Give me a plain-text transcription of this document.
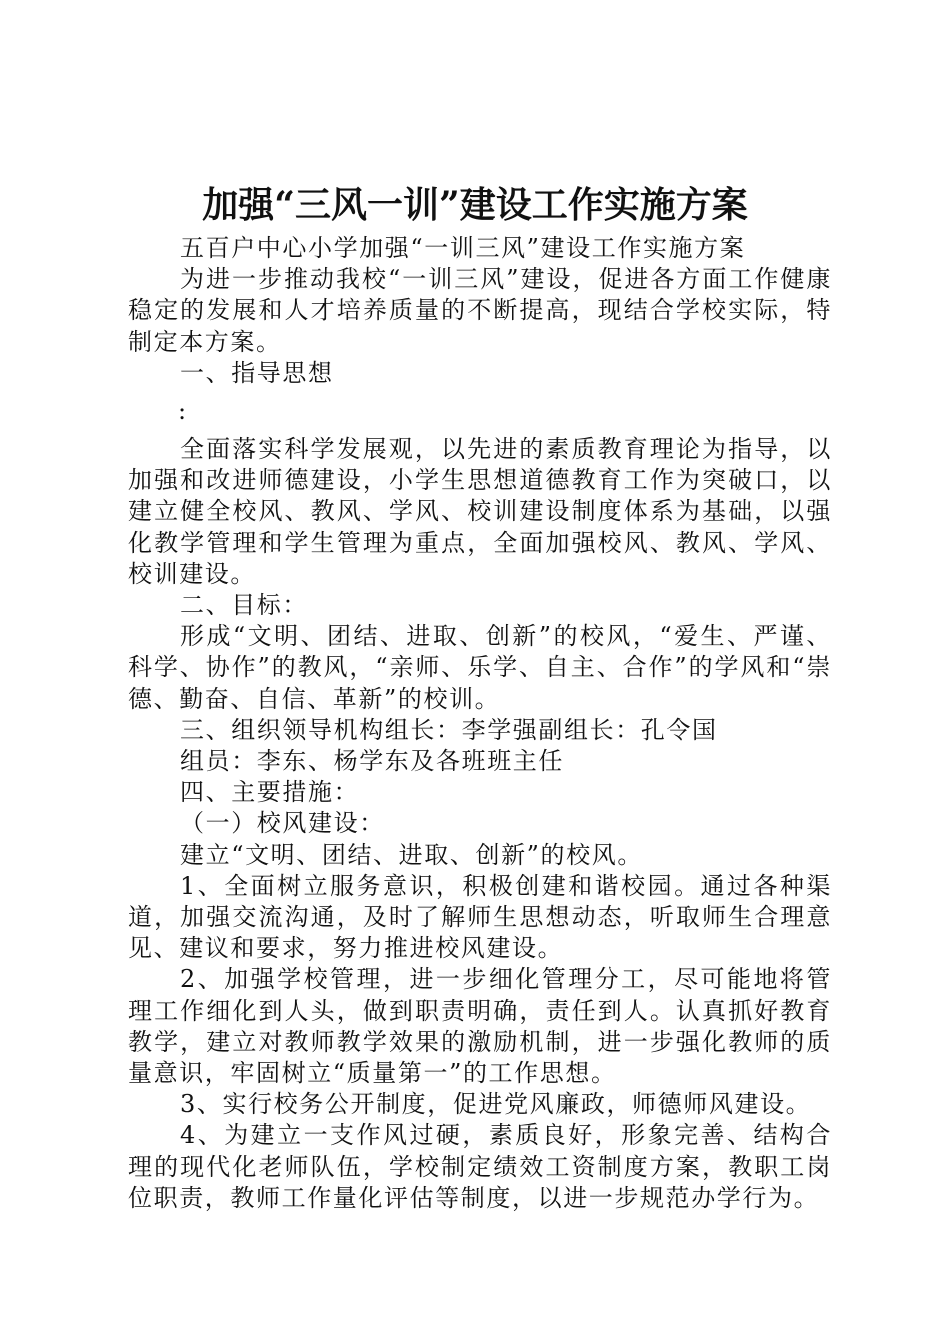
加强“三风一训”建设工作实施方案

五百户中心小学加强“一训三风”建设工作实施方案

为进一步推动我校“一训三风”建设，促进各方面工作健康稳定的发展和人才培养质量的不断提高，现结合学校实际，特制定本方案。

一、指导思想

:

全面落实科学发展观，以先进的素质教育理论为指导，以加强和改进师德建设，小学生思想道德教育工作为突破口，以建立健全校风、教风、学风、校训建设制度体系为基础，以强化教学管理和学生管理为重点，全面加强校风、教风、学风、校训建设。

二、目标：

形成“文明、团结、进取、创新”的校风，“爱生、严谨、科学、协作”的教风，“亲师、乐学、自主、合作”的学风和“崇德、勤奋、自信、革新”的校训。

三、组织领导机构组长：李学强副组长：孔令国

组员：李东、杨学东及各班班主任

四、主要措施：

（一）校风建设：

建立“文明、团结、进取、创新”的校风。

1、全面树立服务意识，积极创建和谐校园。通过各种渠道，加强交流沟通，及时了解师生思想动态，听取师生合理意见、建议和要求，努力推进校风建设。

2、加强学校管理，进一步细化管理分工，尽可能地将管理工作细化到人头，做到职责明确，责任到人。认真抓好教育教学，建立对教师教学效果的激励机制，进一步强化教师的质量意识，牢固树立“质量第一”的工作思想。

3、实行校务公开制度，促进党风廉政，师德师风建设。

4、为建立一支作风过硬，素质良好，形象完善、结构合理的现代化老师队伍，学校制定绩效工资制度方案，教职工岗位职责，教师工作量化评估等制度，以进一步规范办学行为。
